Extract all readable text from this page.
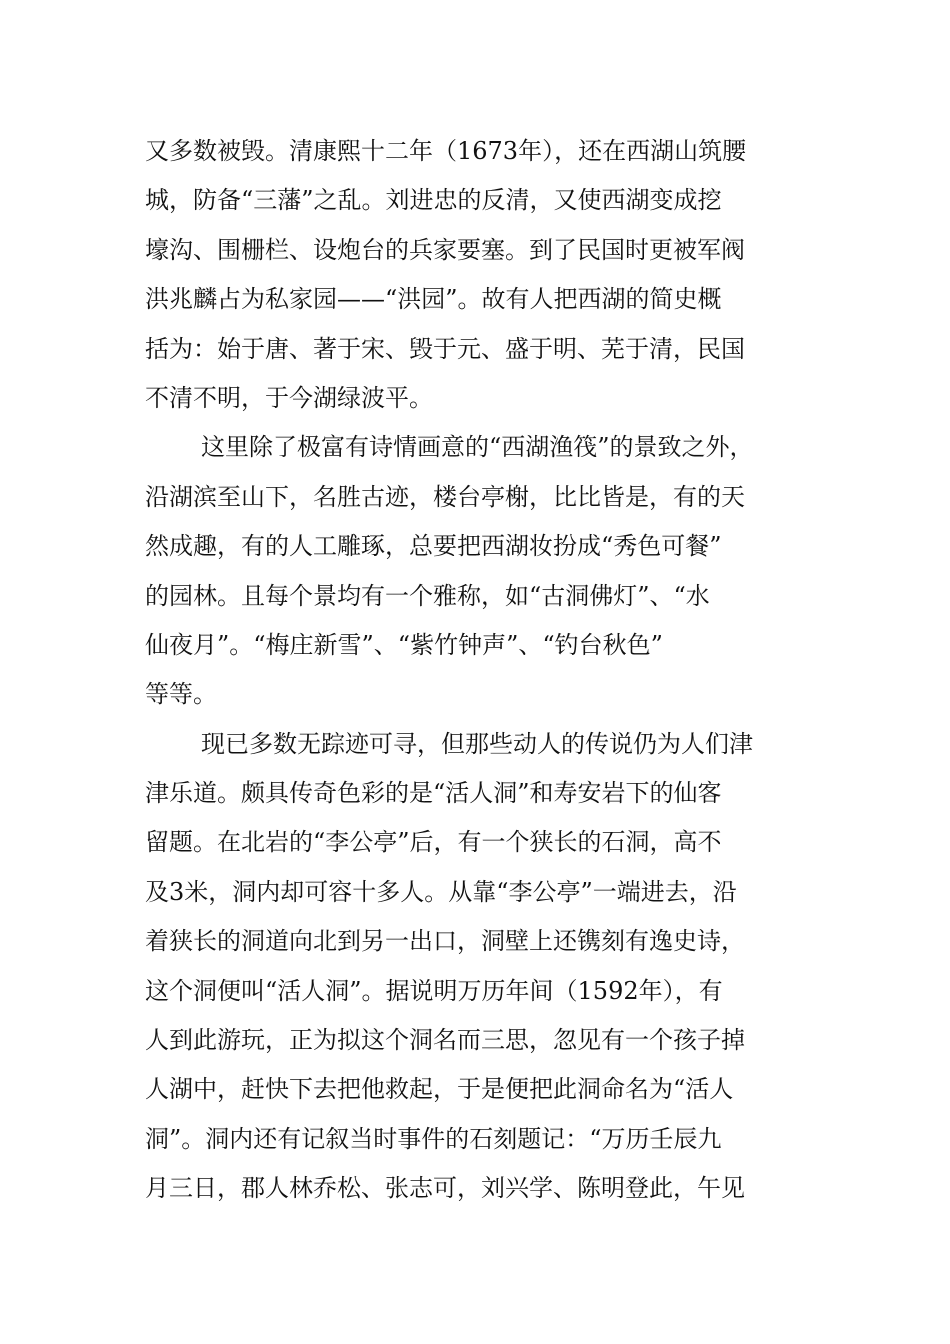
又多数被毁。清康熙十二年（1673年），还在西湖山筑腰
城，防备“三藩”之乱。刘进忠的反清，又使西湖变成挖
壕沟、围栅栏、设炮台的兵家要塞。到了民国时更被军阀
洪兆麟占为私家园——“洪园”。故有人把西湖的简史概
括为：始于唐、著于宋、毁于元、盛于明、芜于清，民国
不清不明，于今湖绿波平。
这里除了极富有诗情画意的“西湖渔筏”的景致之外，
沿湖滨至山下，名胜古迹，楼台亭榭，比比皆是，有的天
然成趣，有的人工雕琢，总要把西湖妆扮成“秀色可餐”
的园林。且每个景均有一个雅称，如“古洞佛灯”、“水
仙夜月”。“梅庄新雪”、“紫竹钟声”、“钓台秋色”
等等。
现已多数无踪迹可寻，但那些动人的传说仍为人们津
津乐道。颇具传奇色彩的是“活人洞”和寿安岩下的仙客
留题。在北岩的“李公亭”后，有一个狭长的石洞，高不
及3米，洞内却可容十多人。从靠“李公亭”一端进去，沿
着狭长的洞道向北到另一出口，洞壁上还镌刻有逸史诗，
这个洞便叫“活人洞”。据说明万历年间（1592年），有
人到此游玩，正为拟这个洞名而三思，忽见有一个孩子掉
人湖中，赶快下去把他救起，于是便把此洞命名为“活人
洞”。洞内还有记叙当时事件的石刻题记：“万历壬辰九
月三日，郡人林乔松、张志可，刘兴学、陈明登此，午见
